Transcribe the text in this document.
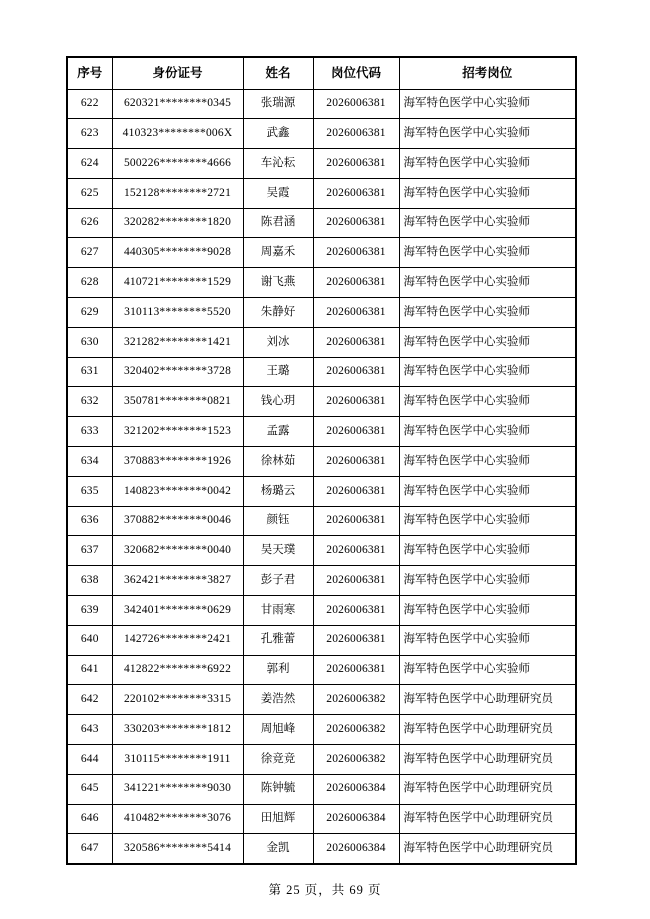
序号	身份证号	姓名	岗位代码	招考岗位
622	620321********0345	张瑞源	2026006381	海军特色医学中心实验师
623	410323********006X	武鑫	2026006381	海军特色医学中心实验师
624	500226********4666	车沁耘	2026006381	海军特色医学中心实验师
625	152128********2721	吴霞	2026006381	海军特色医学中心实验师
626	320282********1820	陈君涵	2026006381	海军特色医学中心实验师
627	440305********9028	周嘉禾	2026006381	海军特色医学中心实验师
628	410721********1529	谢飞燕	2026006381	海军特色医学中心实验师
629	310113********5520	朱静好	2026006381	海军特色医学中心实验师
630	321282********1421	刘冰	2026006381	海军特色医学中心实验师
631	320402********3728	王璐	2026006381	海军特色医学中心实验师
632	350781********0821	钱心玥	2026006381	海军特色医学中心实验师
633	321202********1523	孟露	2026006381	海军特色医学中心实验师
634	370883********1926	徐林茹	2026006381	海军特色医学中心实验师
635	140823********0042	杨璐云	2026006381	海军特色医学中心实验师
636	370882********0046	颜钰	2026006381	海军特色医学中心实验师
637	320682********0040	吴天璞	2026006381	海军特色医学中心实验师
638	362421********3827	彭子君	2026006381	海军特色医学中心实验师
639	342401********0629	甘雨寒	2026006381	海军特色医学中心实验师
640	142726********2421	孔雅蕾	2026006381	海军特色医学中心实验师
641	412822********6922	郭利	2026006381	海军特色医学中心实验师
642	220102********3315	姜浩然	2026006382	海军特色医学中心助理研究员
643	330203********1812	周旭峰	2026006382	海军特色医学中心助理研究员
644	310115********1911	徐竞竞	2026006382	海军特色医学中心助理研究员
645	341221********9030	陈钟毓	2026006384	海军特色医学中心助理研究员
646	410482********3076	田旭辉	2026006384	海军特色医学中心助理研究员
647	320586********5414	金凯	2026006384	海军特色医学中心助理研究员
第 25 页，共 69 页
